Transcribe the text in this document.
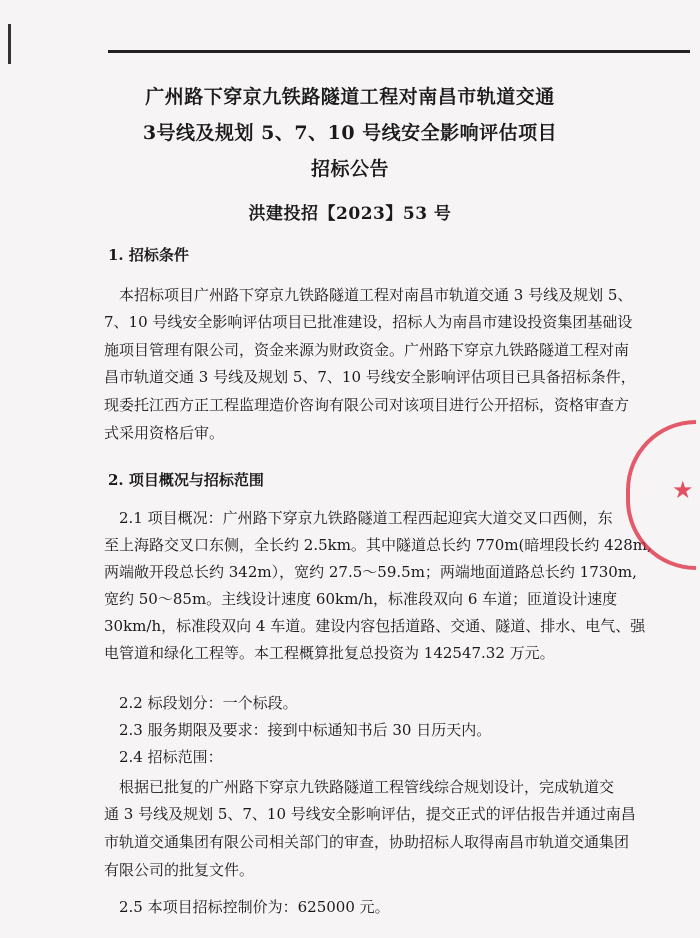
广州路下穿京九铁路隧道工程对南昌市轨道交通
3号线及规划 5、7、10 号线安全影响评估项目
招标公告
洪建投招【2023】53 号
1. 招标条件
　本招标项目广州路下穿京九铁路隧道工程对南昌市轨道交通 3 号线及规划 5、
7、10 号线安全影响评估项目已批准建设，招标人为南昌市建设投资集团基础设
施项目管理有限公司，资金来源为财政资金。广州路下穿京九铁路隧道工程对南
昌市轨道交通 3 号线及规划 5、7、10 号线安全影响评估项目已具备招标条件，
现委托江西方正工程监理造价咨询有限公司对该项目进行公开招标，资格审查方
式采用资格后审。
2. 项目概况与招标范围
　2.1 项目概况：广州路下穿京九铁路隧道工程西起迎宾大道交叉口西侧，东
至上海路交叉口东侧，全长约 2.5km。其中隧道总长约 770m(暗埋段长约 428m,
两端敞开段总长约 342m），宽约 27.5～59.5m；两端地面道路总长约 1730m,
宽约 50～85m。主线设计速度 60km/h，标准段双向 6 车道；匝道设计速度
30km/h，标准段双向 4 车道。建设内容包括道路、交通、隧道、排水、电气、强
电管道和绿化工程等。本工程概算批复总投资为 142547.32 万元。
　2.2 标段划分：一个标段。
　2.3 服务期限及要求：接到中标通知书后 30 日历天内。
　2.4 招标范围：
　根据已批复的广州路下穿京九铁路隧道工程管线综合规划设计，完成轨道交
通 3 号线及规划 5、7、10 号线安全影响评估，提交正式的评估报告并通过南昌
市轨道交通集团有限公司相关部门的审查，协助招标人取得南昌市轨道交通集团
有限公司的批复文件。
　2.5 本项目招标控制价为：625000 元。
★
